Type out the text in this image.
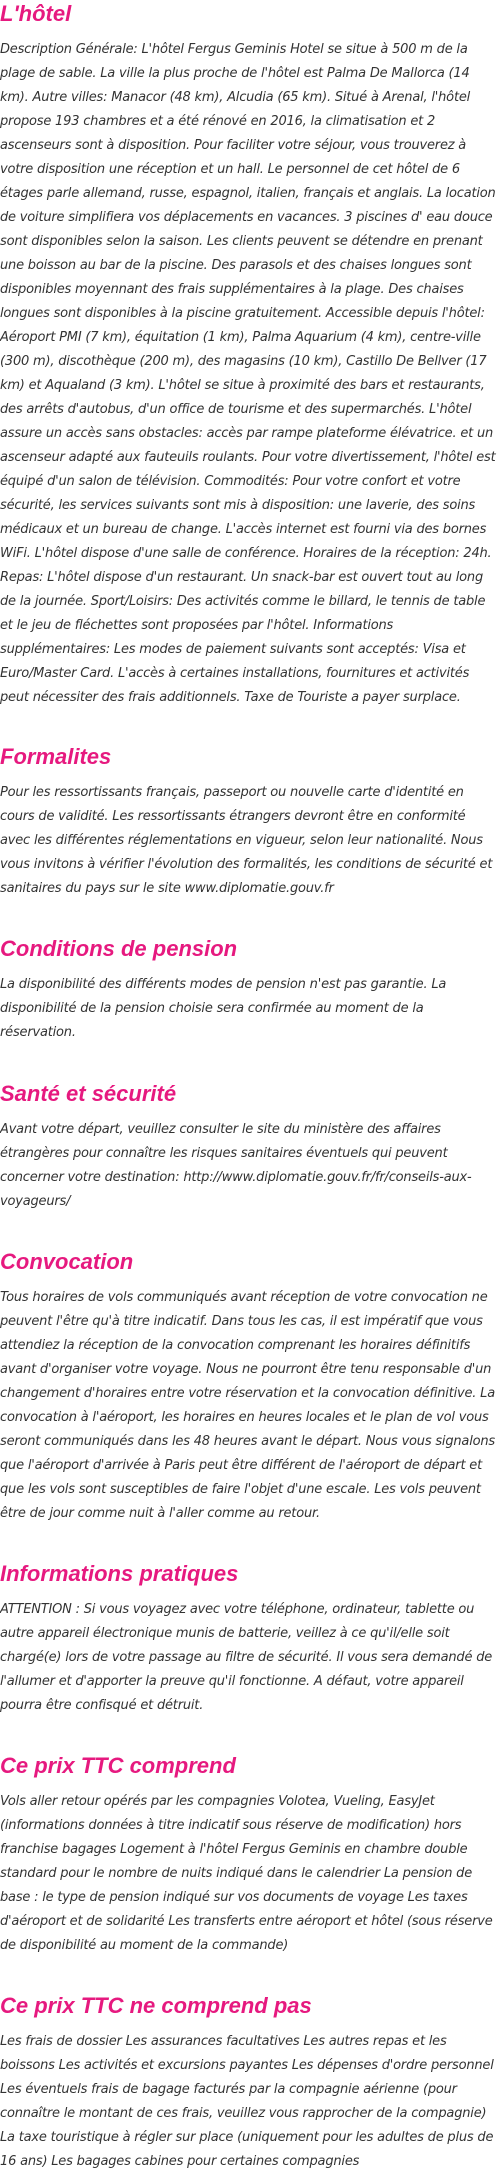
L'hôtel

Description Générale: L'hôtel Fergus Geminis Hotel se situe à 500 m de la plage de sable. La ville la plus proche de l'hôtel est Palma De Mallorca (14 km). Autre villes: Manacor (48 km), Alcudia (65 km). Situé à Arenal, l'hôtel propose 193 chambres et a été rénové en 2016, la climatisation et 2 ascenseurs sont à disposition. Pour faciliter votre séjour, vous trouverez à votre disposition une réception et un hall. Le personnel de cet hôtel de 6 étages parle allemand, russe, espagnol, italien, français et anglais. La location de voiture simplifiera vos déplacements en vacances. 3 piscines d' eau douce sont disponibles selon la saison. Les clients peuvent se détendre en prenant une boisson au bar de la piscine. Des parasols et des chaises longues sont disponibles moyennant des frais supplémentaires à la plage. Des chaises longues sont disponibles à la piscine gratuitement. Accessible depuis l'hôtel: Aéroport PMI (7 km), équitation (1 km), Palma Aquarium (4 km), centre-ville (300 m), discothèque (200 m), des magasins (10 km), Castillo De Bellver (17 km) et Aqualand (3 km). L'hôtel se situe à proximité des bars et restaurants, des arrêts d'autobus, d'un office de tourisme et des supermarchés. L'hôtel assure un accès sans obstacles: accès par rampe plateforme élévatrice. et un ascenseur adapté aux fauteuils roulants. Pour votre divertissement, l'hôtel est équipé d'un salon de télévision. Commodités: Pour votre confort et votre sécurité, les services suivants sont mis à disposition: une laverie, des soins médicaux et un bureau de change. L'accès internet est fourni via des bornes WiFi. L'hôtel dispose d'une salle de conférence. Horaires de la réception: 24h. Repas: L'hôtel dispose d'un restaurant. Un snack-bar est ouvert tout au long de la journée. Sport/Loisirs: Des activités comme le billard, le tennis de table et le jeu de fléchettes sont proposées par l'hôtel. Informations supplémentaires: Les modes de paiement suivants sont acceptés: Visa et Euro/Master Card. L'accès à certaines installations, fournitures et activités peut nécessiter des frais additionnels. Taxe de Touriste a payer surplace.

Formalites

Pour les ressortissants français, passeport ou nouvelle carte d'identité en cours de validité. Les ressortissants étrangers devront être en conformité avec les différentes réglementations en vigueur, selon leur nationalité. Nous vous invitons à vérifier l'évolution des formalités, les conditions de sécurité et sanitaires du pays sur le site www.diplomatie.gouv.fr

Conditions de pension

La disponibilité des différents modes de pension n'est pas garantie. La disponibilité de la pension choisie sera confirmée au moment de la réservation.

Santé et sécurité

Avant votre départ, veuillez consulter le site du ministère des affaires étrangères pour connaître les risques sanitaires éventuels qui peuvent concerner votre destination: http://www.diplomatie.gouv.fr/fr/conseils-aux-voyageurs/

Convocation

Tous horaires de vols communiqués avant réception de votre convocation ne peuvent l'être qu'à titre indicatif. Dans tous les cas, il est impératif que vous attendiez la réception de la convocation comprenant les horaires définitifs avant d'organiser votre voyage. Nous ne pourront être tenu responsable d'un changement d'horaires entre votre réservation et la convocation définitive. La convocation à l'aéroport, les horaires en heures locales et le plan de vol vous seront communiqués dans les 48 heures avant le départ. Nous vous signalons que l'aéroport d'arrivée à Paris peut être différent de l'aéroport de départ et que les vols sont susceptibles de faire l'objet d'une escale. Les vols peuvent être de jour comme nuit à l'aller comme au retour.

Informations pratiques

ATTENTION : Si vous voyagez avec votre téléphone, ordinateur, tablette ou autre appareil électronique munis de batterie, veillez à ce qu'il/elle soit chargé(e) lors de votre passage au filtre de sécurité. Il vous sera demandé de l'allumer et d'apporter la preuve qu'il fonctionne. A défaut, votre appareil pourra être confisqué et détruit.

Ce prix TTC comprend

Vols aller retour opérés par les compagnies Volotea, Vueling, EasyJet (informations données à titre indicatif sous réserve de modification) hors franchise bagages Logement à l'hôtel Fergus Geminis en chambre double standard pour le nombre de nuits indiqué dans le calendrier La pension de base : le type de pension indiqué sur vos documents de voyage Les taxes d'aéroport et de solidarité Les transferts entre aéroport et hôtel (sous réserve de disponibilité au moment de la commande)

Ce prix TTC ne comprend pas

Les frais de dossier Les assurances facultatives Les autres repas et les boissons Les activités et excursions payantes Les dépenses d'ordre personnel Les éventuels frais de bagage facturés par la compagnie aérienne (pour connaître le montant de ces frais, veuillez vous rapprocher de la compagnie) La taxe touristique à régler sur place (uniquement pour les adultes de plus de 16 ans) Les bagages cabines pour certaines compagnies
